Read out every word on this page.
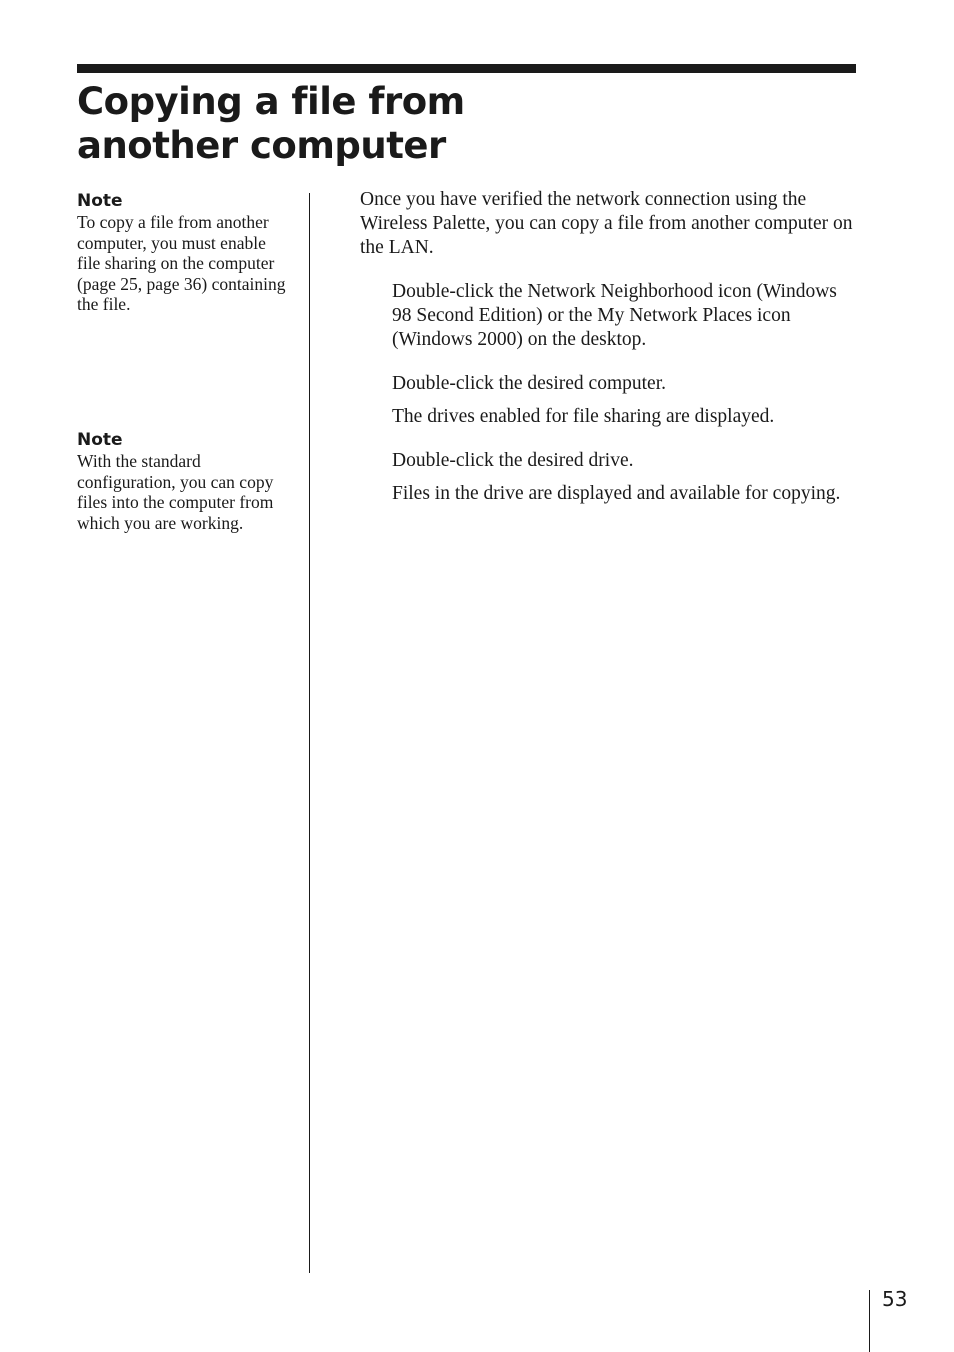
Copying a file from
another computer

Note

To copy a file from another computer, you must enable file sharing on the computer (page 25, page 36) containing the file.

Note

With the standard configuration, you can copy files into the computer from which you are working.

Once you have verified the network connection using the Wireless Palette, you can copy a file from another computer on the LAN.

Double-click the Network Neighborhood icon (Windows 98 Second Edition) or the My Network Places icon (Windows 2000) on the desktop.

Double-click the desired computer.

The drives enabled for file sharing are displayed.

Double-click the desired drive.

Files in the drive are displayed and available for copying.

53
